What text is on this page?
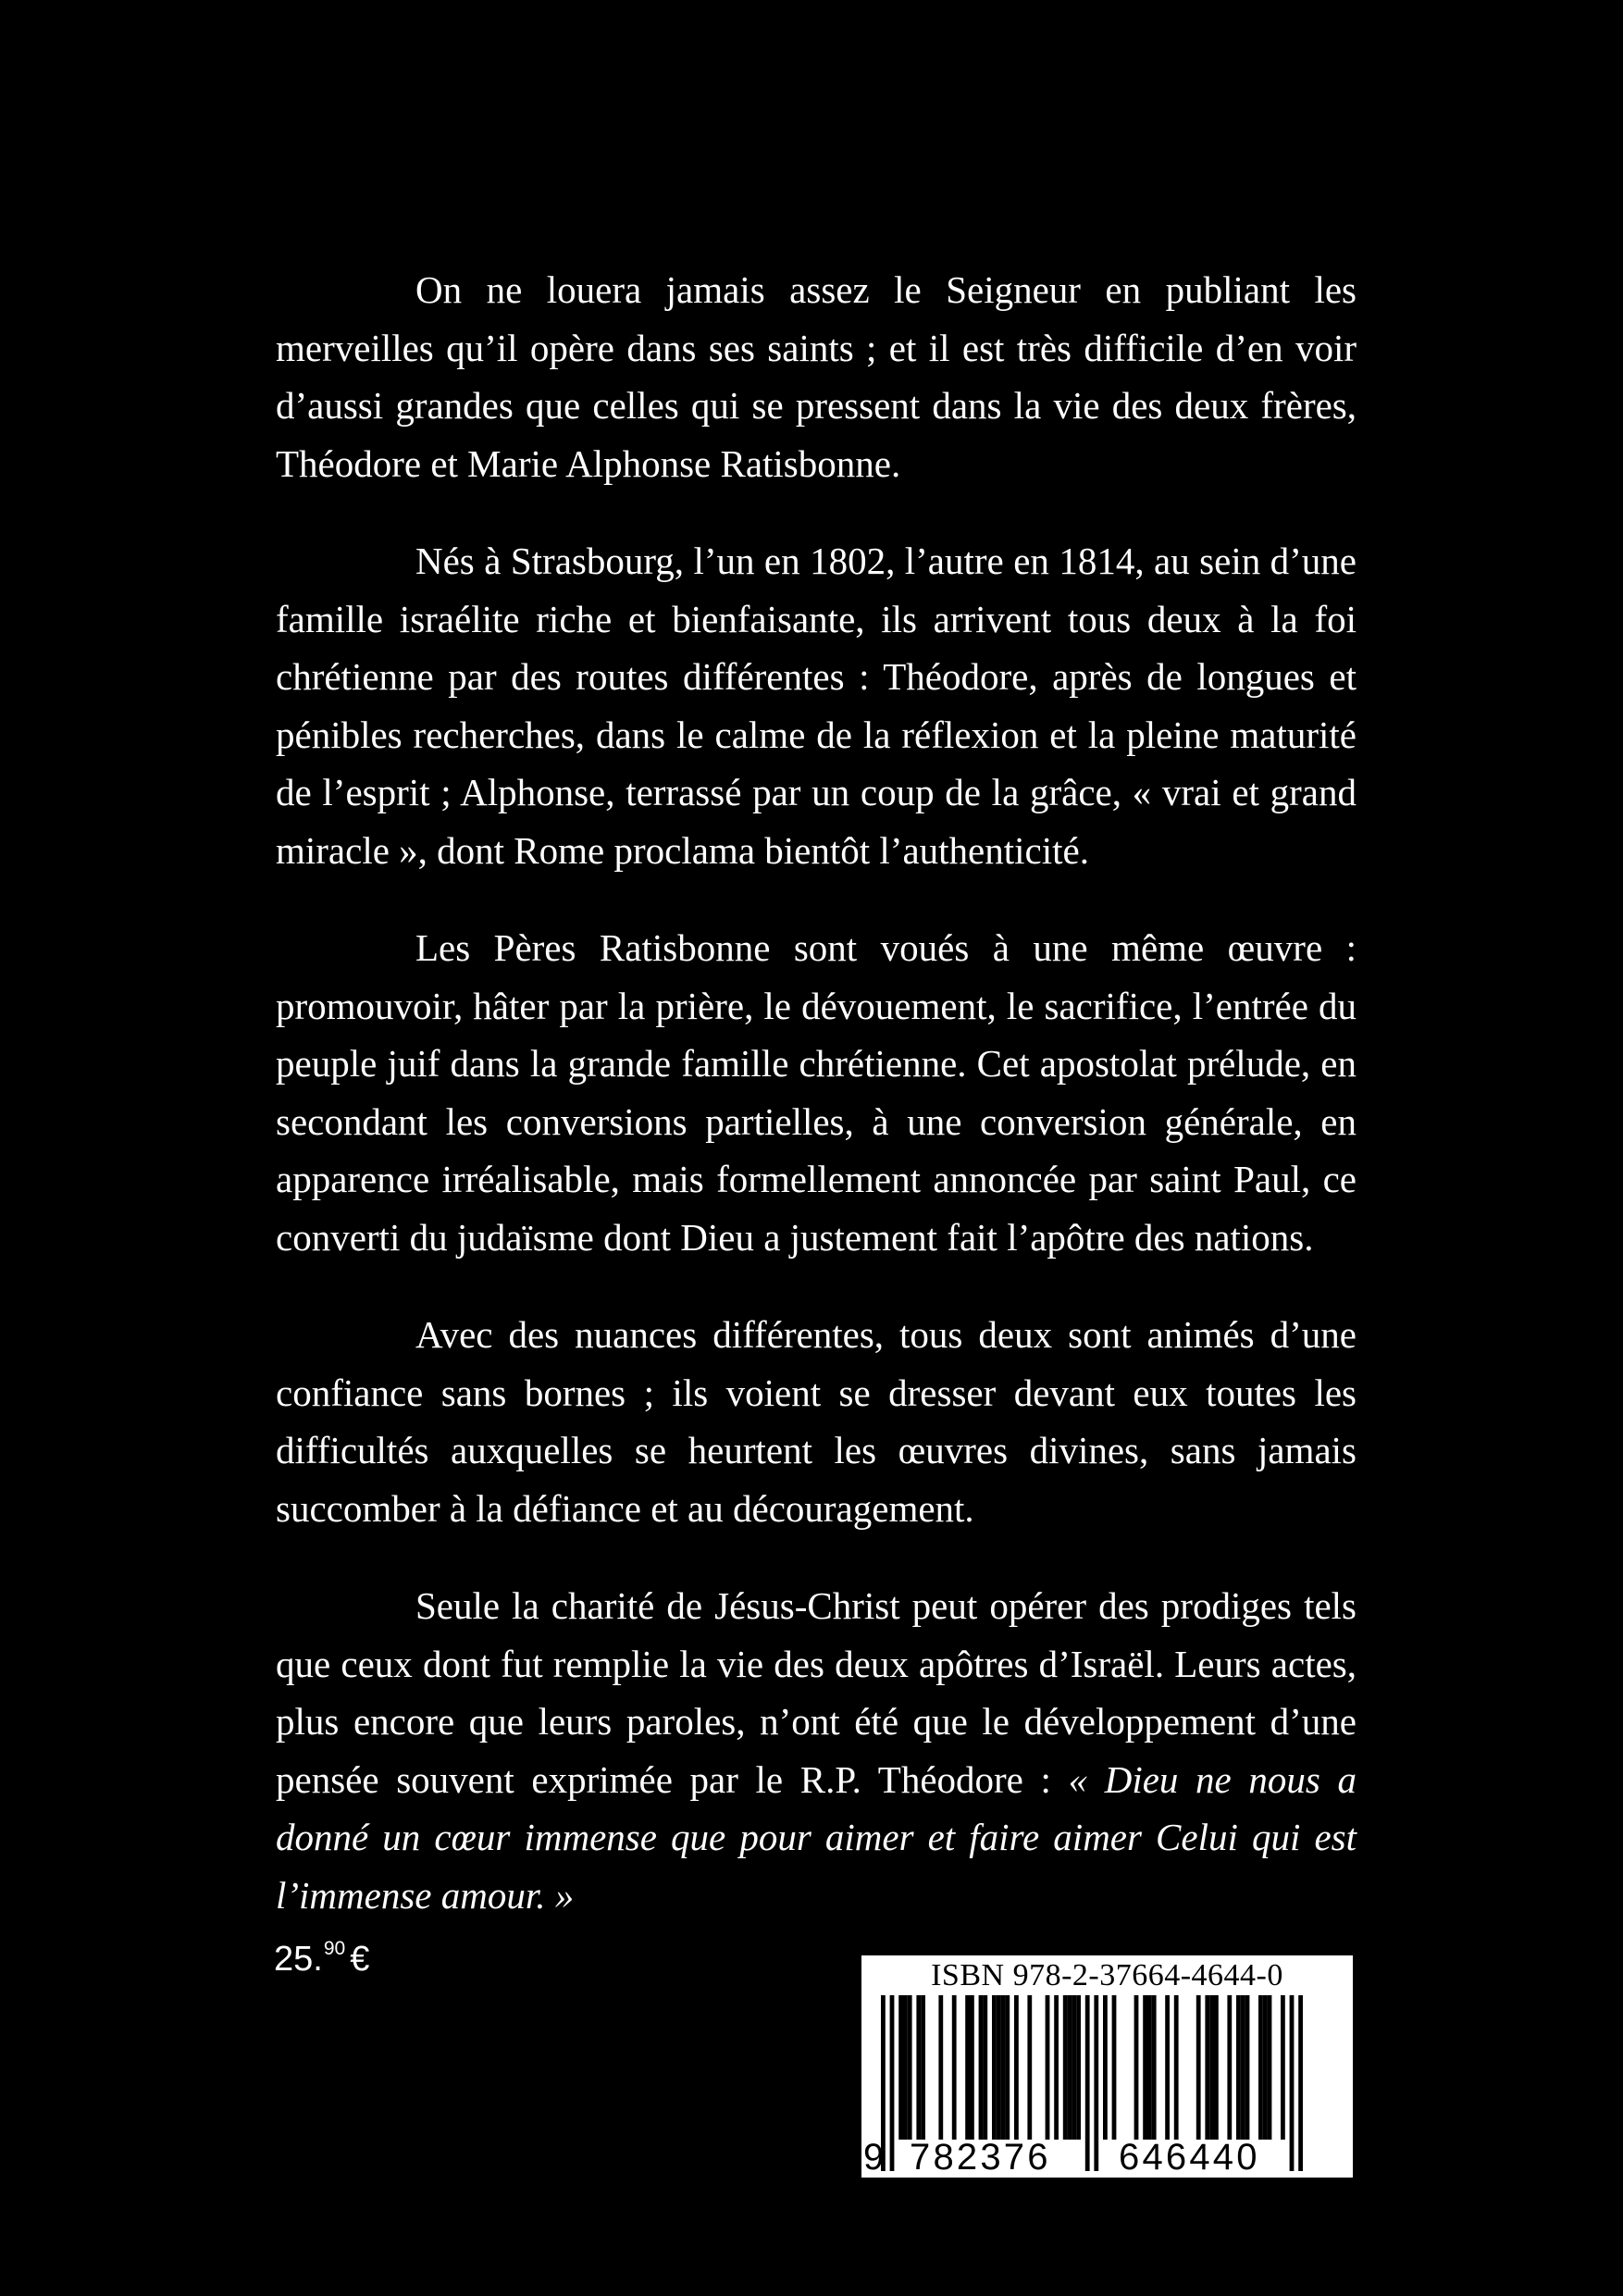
On ne louera jamais assez le Seigneur en publiant les merveilles qu’il opère dans ses saints ; et il est très difficile d’en voir d’aussi grandes que celles qui se pressent dans la vie des deux frères, Théodore et Marie Alphonse Ratisbonne.

Nés à Strasbourg, l’un en 1802, l’autre en 1814, au sein d’une famille israélite riche et bienfaisante, ils arrivent tous deux à la foi chrétienne par des routes différentes : Théodore, après de longues et pénibles recherches, dans le calme de la réflexion et la pleine maturité de l’esprit ; Alphonse, terrassé par un coup de la grâce, « vrai et grand miracle », dont Rome proclama bientôt l’authenticité.

Les Pères Ratisbonne sont voués à une même œuvre : promouvoir, hâter par la prière, le dévouement, le sacrifice, l’entrée du peuple juif dans la grande famille chrétienne. Cet apostolat prélude, en secondant les conversions partielles, à une conversion générale, en apparence irréalisable, mais formellement annoncée par saint Paul, ce converti du judaïsme dont Dieu a justement fait l’apôtre des nations.

Avec des nuances différentes, tous deux sont animés d’une confiance sans bornes ; ils voient se dresser devant eux toutes les difficultés auxquelles se heurtent les œuvres divines, sans jamais succomber à la défiance et au découragement.

Seule la charité de Jésus-Christ peut opérer des prodiges tels que ceux dont fut remplie la vie des deux apôtres d’Israël. Leurs actes, plus encore que leurs paroles, n’ont été que le développement d’une pensée souvent exprimée par le R.P. Théodore : « Dieu ne nous a donné un cœur immense que pour aimer et faire aimer Celui qui est l’immense amour. »

25.90 €	ISBN 978-2-37664-4644-0
9 782376 646440
